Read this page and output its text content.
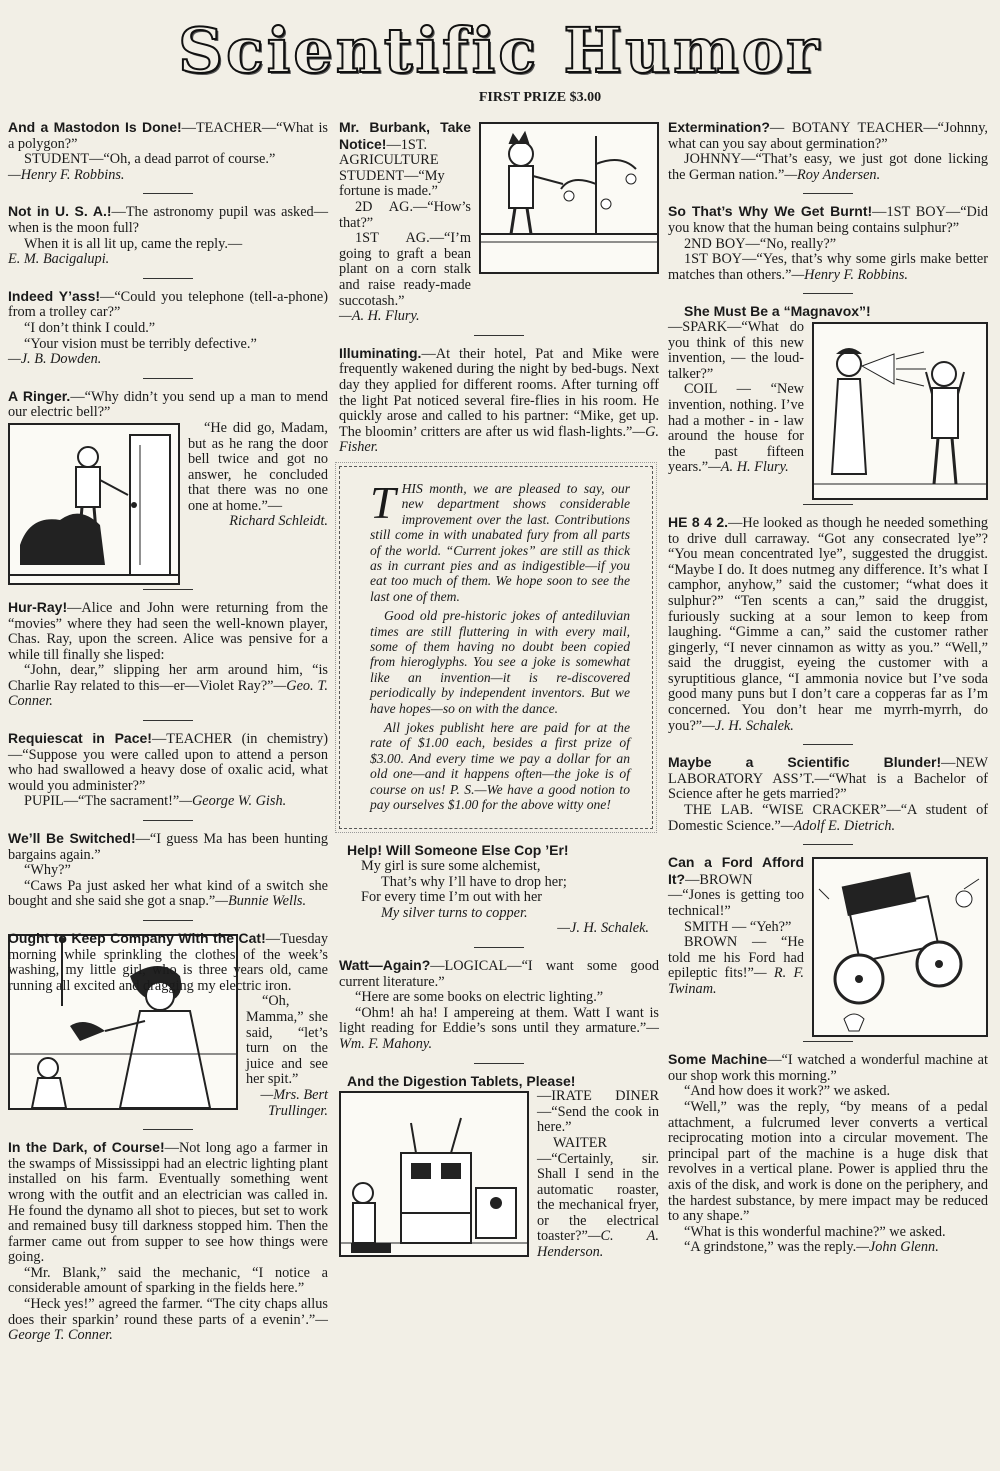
Scientific Humor
FIRST PRIZE $3.00

And a Mastodon Is Done!—TEACHER—“What is a polygon?”

STUDENT—“Oh, a dead parrot of course.”

—Henry F. Robbins.

Not in U. S. A.!—The astronomy pupil was asked—when is the moon full?

When it is all lit up, came the reply.—

E. M. Bacigalupi.

Indeed Y’ass!—“Could you telephone (tell-a-phone) from a trolley car?”

“I don’t think I could.”

“Your vision must be terribly defective.”

—J. B. Dowden.

A Ringer.—“Why didn’t you send up a man to mend our electric bell?”

“He did go, Madam, but as he rang the door bell twice and got no answer, he concluded that there was no one one at home.”—

Richard Schleidt.

Hur-Ray!—Alice and John were returning from the “movies” where they had seen the well-known player, Chas. Ray, upon the screen. Alice was pensive for a while till finally she lisped:

“John, dear,” slipping her arm around him, “is Charlie Ray related to this—er—Violet Ray?”—Geo. T. Conner.

Requiescat in Pace!—TEACHER (in chemistry)—“Suppose you were called upon to attend a person who had swallowed a heavy dose of oxalic acid, what would you administer?”

PUPIL—“The sacrament!”—George W. Gish.

We’ll Be Switched!—“I guess Ma has been hunting bargains again.”

“Why?”

“Caws Pa just asked her what kind of a switch she bought and she said she got a snap.”—Bunnie Wells.

Ought to Keep Company With the Cat!—Tuesday morning while sprinkling the clothes of the week’s washing, my little girl, who is three years old, came running all excited and dragging my electric iron.

“Oh, Mamma,” she said, “let’s turn on the juice and see her spit.”

—Mrs. Bert Trullinger.

In the Dark, of Course!—Not long ago a farmer in the swamps of Mississippi had an electric lighting plant installed on his farm. Eventually something went wrong with the outfit and an electrician was called in. He found the dynamo all shot to pieces, but set to work and remained busy till darkness stopped him. Then the farmer came out from supper to see how things were going.

“Mr. Blank,” said the mechanic, “I notice a considerable amount of sparking in the fields here.”

“Heck yes!” agreed the farmer. “The city chaps allus does their sparkin’ round these parts of a evenin’.”—George T. Conner.

Mr. Burbank, Take Notice!—1ST. AGRICULTURE STUDENT—“My fortune is made.”

2D AG.—“How’s that?”

1ST AG.—“I’m going to graft a bean plant on a corn stalk and raise ready-made succotash.”

—A. H. Flury.

Illuminating.—At their hotel, Pat and Mike were frequently wakened during the night by bed-bugs. Next day they applied for different rooms. After turning off the light Pat noticed several fire-flies in his room. He quickly arose and called to his partner: “Mike, get up. The bloomin’ critters are after us wid flash-lights.”—G. Fisher.

THIS month, we are pleased to say, our new department shows considerable improvement over the last. Contributions still come in with unabated fury from all parts of the world. “Current jokes” are still as thick as in currant pies and as indigestible—if you eat too much of them. We hope soon to see the last one of them.

Good old pre-historic jokes of antediluvian times are still fluttering in with every mail, some of them having no doubt been copied from hieroglyphs. You see a joke is somewhat like an invention—it is re-discovered periodically by independent inventors. But we have hopes—so on with the dance.

All jokes publisht here are paid for at the rate of $1.00 each, besides a first prize of $3.00. And every time we pay a dollar for an old one—and it happens often—the joke is of course on us! P. S.—We have a good notion to pay ourselves $1.00 for the above witty one!

Help! Will Someone Else Cop ’Er!
My girl is sure some alchemist,
That’s why I’ll have to drop her;
For every time I’m out with her
My silver turns to copper.
—J. H. Schalek.

Watt—Again?—LOGICAL—“I want some good current literature.”

“Here are some books on electric lighting.”

“Ohm! ah ha! I ampereing at them. Watt I want is light reading for Eddie’s sons until they armature.”—Wm. F. Mahony.

And the Digestion Tablets, Please!

—IRATE DINER—“Send the cook in here.”

WAITER—“Certainly, sir. Shall I send in the automatic roaster, the mechanical fryer, or the electrical toaster?”—C. A. Henderson.

Extermination?— BOTANY TEACHER—“Johnny, what can you say about germination?”

JOHNNY—“That’s easy, we just got done licking the German nation.”—Roy Andersen.

So That’s Why We Get Burnt!—1ST BOY—“Did you know that the human being contains sulphur?”

2ND BOY—“No, really?”

1ST BOY—“Yes, that’s why some girls make better matches than others.”—Henry F. Robbins.

She Must Be a “Magnavox”!

—SPARK—“What do you think of this new invention, — the loud-talker?”

COIL — “New invention, nothing. I’ve had a mother - in - law around the house for the past fifteen years.”—A. H. Flury.

HE 8 4 2.—He looked as though he needed something to drive dull carraway. “Got any consecrated lye”? “You mean concentrated lye”, suggested the druggist. “Maybe I do. It does nutmeg any difference. It’s what I camphor, anyhow,” said the customer; “what does it sulphur?” “Ten scents a can,” said the druggist, furiously sucking at a sour lemon to keep from laughing. “Gimme a can,” said the customer rather gingerly, “I never cinnamon as witty as you.” “Well,” said the druggist, eyeing the customer with a syruptitious glance, “I ammonia novice but I’ve soda good many puns but I don’t care a copperas far as I’m concerned. You don’t hear me myrrh-myrrh, do you?”—J. H. Schalek.

Maybe a Scientific Blunder!—NEW LABORATORY ASS’T.—“What is a Bachelor of Science after he gets married?”

THE LAB. “WISE CRACKER”—“A student of Domestic Science.”—Adolf E. Dietrich.

Can a Ford Afford It?—BROWN—“Jones is getting too technical!”

SMITH — “Yeh?”

BROWN — “He told me his Ford had epileptic fits!”— R. F. Twinam.

Some Machine—“I watched a wonderful machine at our shop work this morning.”

“And how does it work?” we asked.

“Well,” was the reply, “by means of a pedal attachment, a fulcrumed lever converts a vertical reciprocating motion into a circular movement. The principal part of the machine is a huge disk that revolves in a vertical plane. Power is applied thru the axis of the disk, and work is done on the periphery, and the hardest substance, by mere impact may be reduced to any shape.”

“What is this wonderful machine?” we asked.

“A grindstone,” was the reply.—John Glenn.
